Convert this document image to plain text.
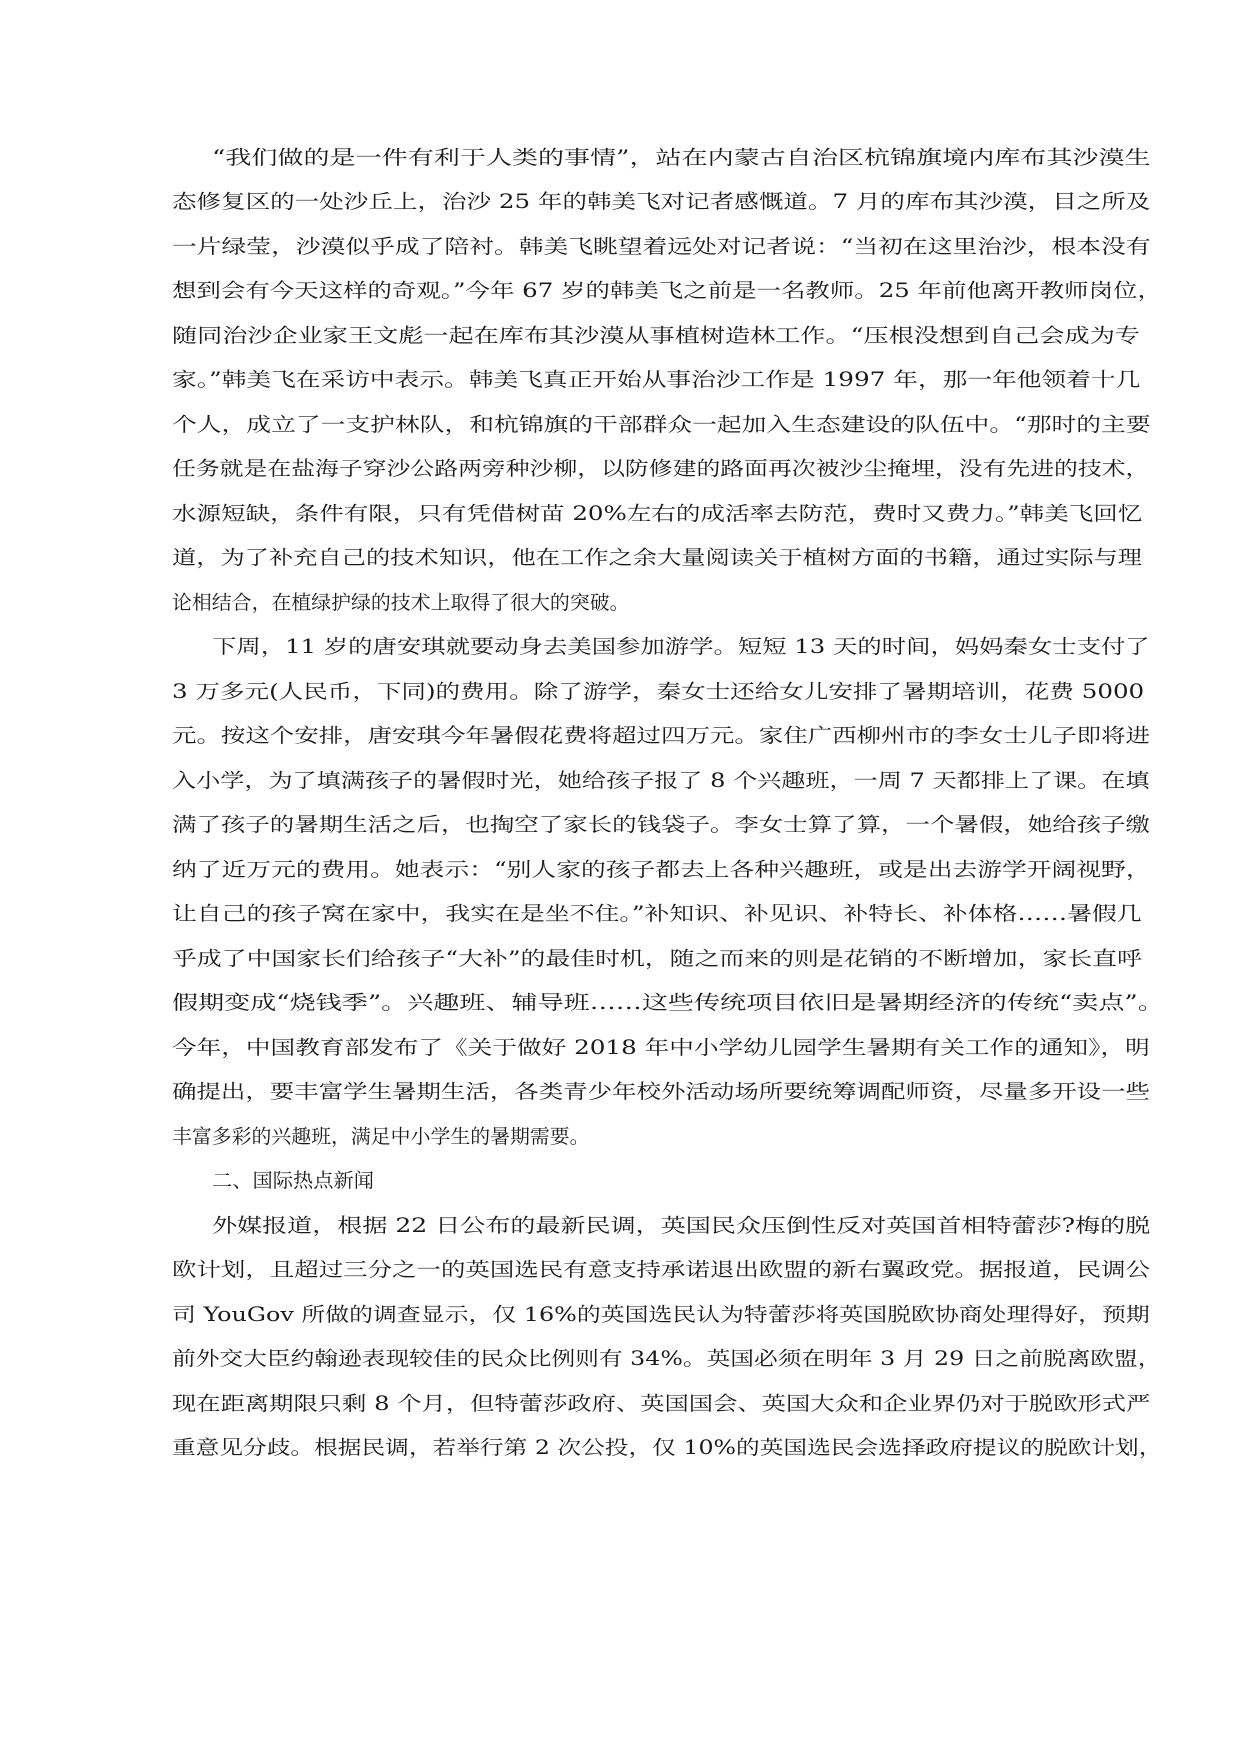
“我们做的是一件有利于人类的事情”，站在内蒙古自治区杭锦旗境内库布其沙漠生
态修复区的一处沙丘上，治沙 25 年的韩美飞对记者感慨道。7 月的库布其沙漠，目之所及
一片绿莹，沙漠似乎成了陪衬。韩美飞眺望着远处对记者说：“当初在这里治沙，根本没有
想到会有今天这样的奇观。”今年 67 岁的韩美飞之前是一名教师。25 年前他离开教师岗位，
随同治沙企业家王文彪一起在库布其沙漠从事植树造林工作。“压根没想到自己会成为专
家。”韩美飞在采访中表示。韩美飞真正开始从事治沙工作是 1997 年，那一年他领着十几
个人，成立了一支护林队，和杭锦旗的干部群众一起加入生态建设的队伍中。“那时的主要
任务就是在盐海子穿沙公路两旁种沙柳，以防修建的路面再次被沙尘掩埋，没有先进的技术，
水源短缺，条件有限，只有凭借树苗 20%左右的成活率去防范，费时又费力。”韩美飞回忆
道，为了补充自己的技术知识，他在工作之余大量阅读关于植树方面的书籍，通过实际与理
论相结合，在植绿护绿的技术上取得了很大的突破。
下周，11 岁的唐安琪就要动身去美国参加游学。短短 13 天的时间，妈妈秦女士支付了
3 万多元(人民币，下同)的费用。除了游学，秦女士还给女儿安排了暑期培训，花费 5000
元。按这个安排，唐安琪今年暑假花费将超过四万元。家住广西柳州市的李女士儿子即将进
入小学，为了填满孩子的暑假时光，她给孩子报了 8 个兴趣班，一周 7 天都排上了课。在填
满了孩子的暑期生活之后，也掏空了家长的钱袋子。李女士算了算，一个暑假，她给孩子缴
纳了近万元的费用。她表示：“别人家的孩子都去上各种兴趣班，或是出去游学开阔视野，
让自己的孩子窝在家中，我实在是坐不住。”补知识、补见识、补特长、补体格……暑假几
乎成了中国家长们给孩子“大补”的最佳时机，随之而来的则是花销的不断增加，家长直呼
假期变成“烧钱季”。兴趣班、辅导班……这些传统项目依旧是暑期经济的传统“卖点”。
今年，中国教育部发布了《关于做好 2018 年中小学幼儿园学生暑期有关工作的通知》，明
确提出，要丰富学生暑期生活，各类青少年校外活动场所要统筹调配师资，尽量多开设一些
丰富多彩的兴趣班，满足中小学生的暑期需要。
二、国际热点新闻
外媒报道，根据 22 日公布的最新民调，英国民众压倒性反对英国首相特蕾莎?梅的脱
欧计划，且超过三分之一的英国选民有意支持承诺退出欧盟的新右翼政党。据报道，民调公
司 YouGov 所做的调查显示，仅 16%的英国选民认为特蕾莎将英国脱欧协商处理得好，预期
前外交大臣约翰逊表现较佳的民众比例则有 34%。英国必须在明年 3 月 29 日之前脱离欧盟，
现在距离期限只剩 8 个月，但特蕾莎政府、英国国会、英国大众和企业界仍对于脱欧形式严
重意见分歧。根据民调，若举行第 2 次公投，仅 10%的英国选民会选择政府提议的脱欧计划，
